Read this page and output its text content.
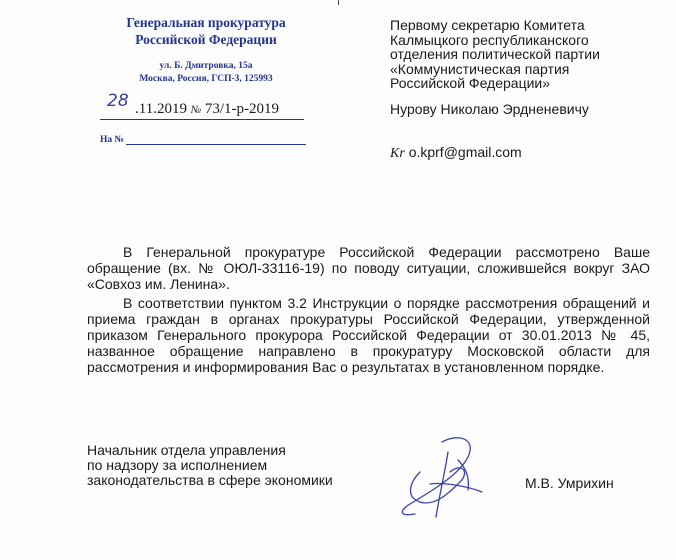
Генеральная прокуратура
Российской Федерации
ул. Б. Дмитровка, 15а
Москва, Россия, ГСП-3, 125993
28 .11.2019 № 73/1-р-2019
На №
Первому секретарю Комитета
Калмыцкого республиканского
отделения политической партии
«Коммунистическая партия
Российской Федерации»
Нурову Николаю Эрдненевичу
Kr o.kprf@gmail.com

В Генеральной прокуратуре Российской Федерации рассмотрено Ваше обращение (вх. № ОЮЛ-33116-19) по поводу ситуации, сложившейся вокруг ЗАО «Совхоз им. Ленина».

В соответствии пунктом 3.2 Инструкции о порядке рассмотрения обращений и приема граждан в органах прокуратуры Российской Федерации, утвержденной приказом Генерального прокурора Российской Федерации от 30.01.2013 № 45, названное обращение направлено в прокуратуру Московской области для рассмотрения и информирования Вас о результатах в установленном порядке.

Начальник отдела управления
по надзору за исполнением
законодательства в сфере экономики	М.В. Умрихин
